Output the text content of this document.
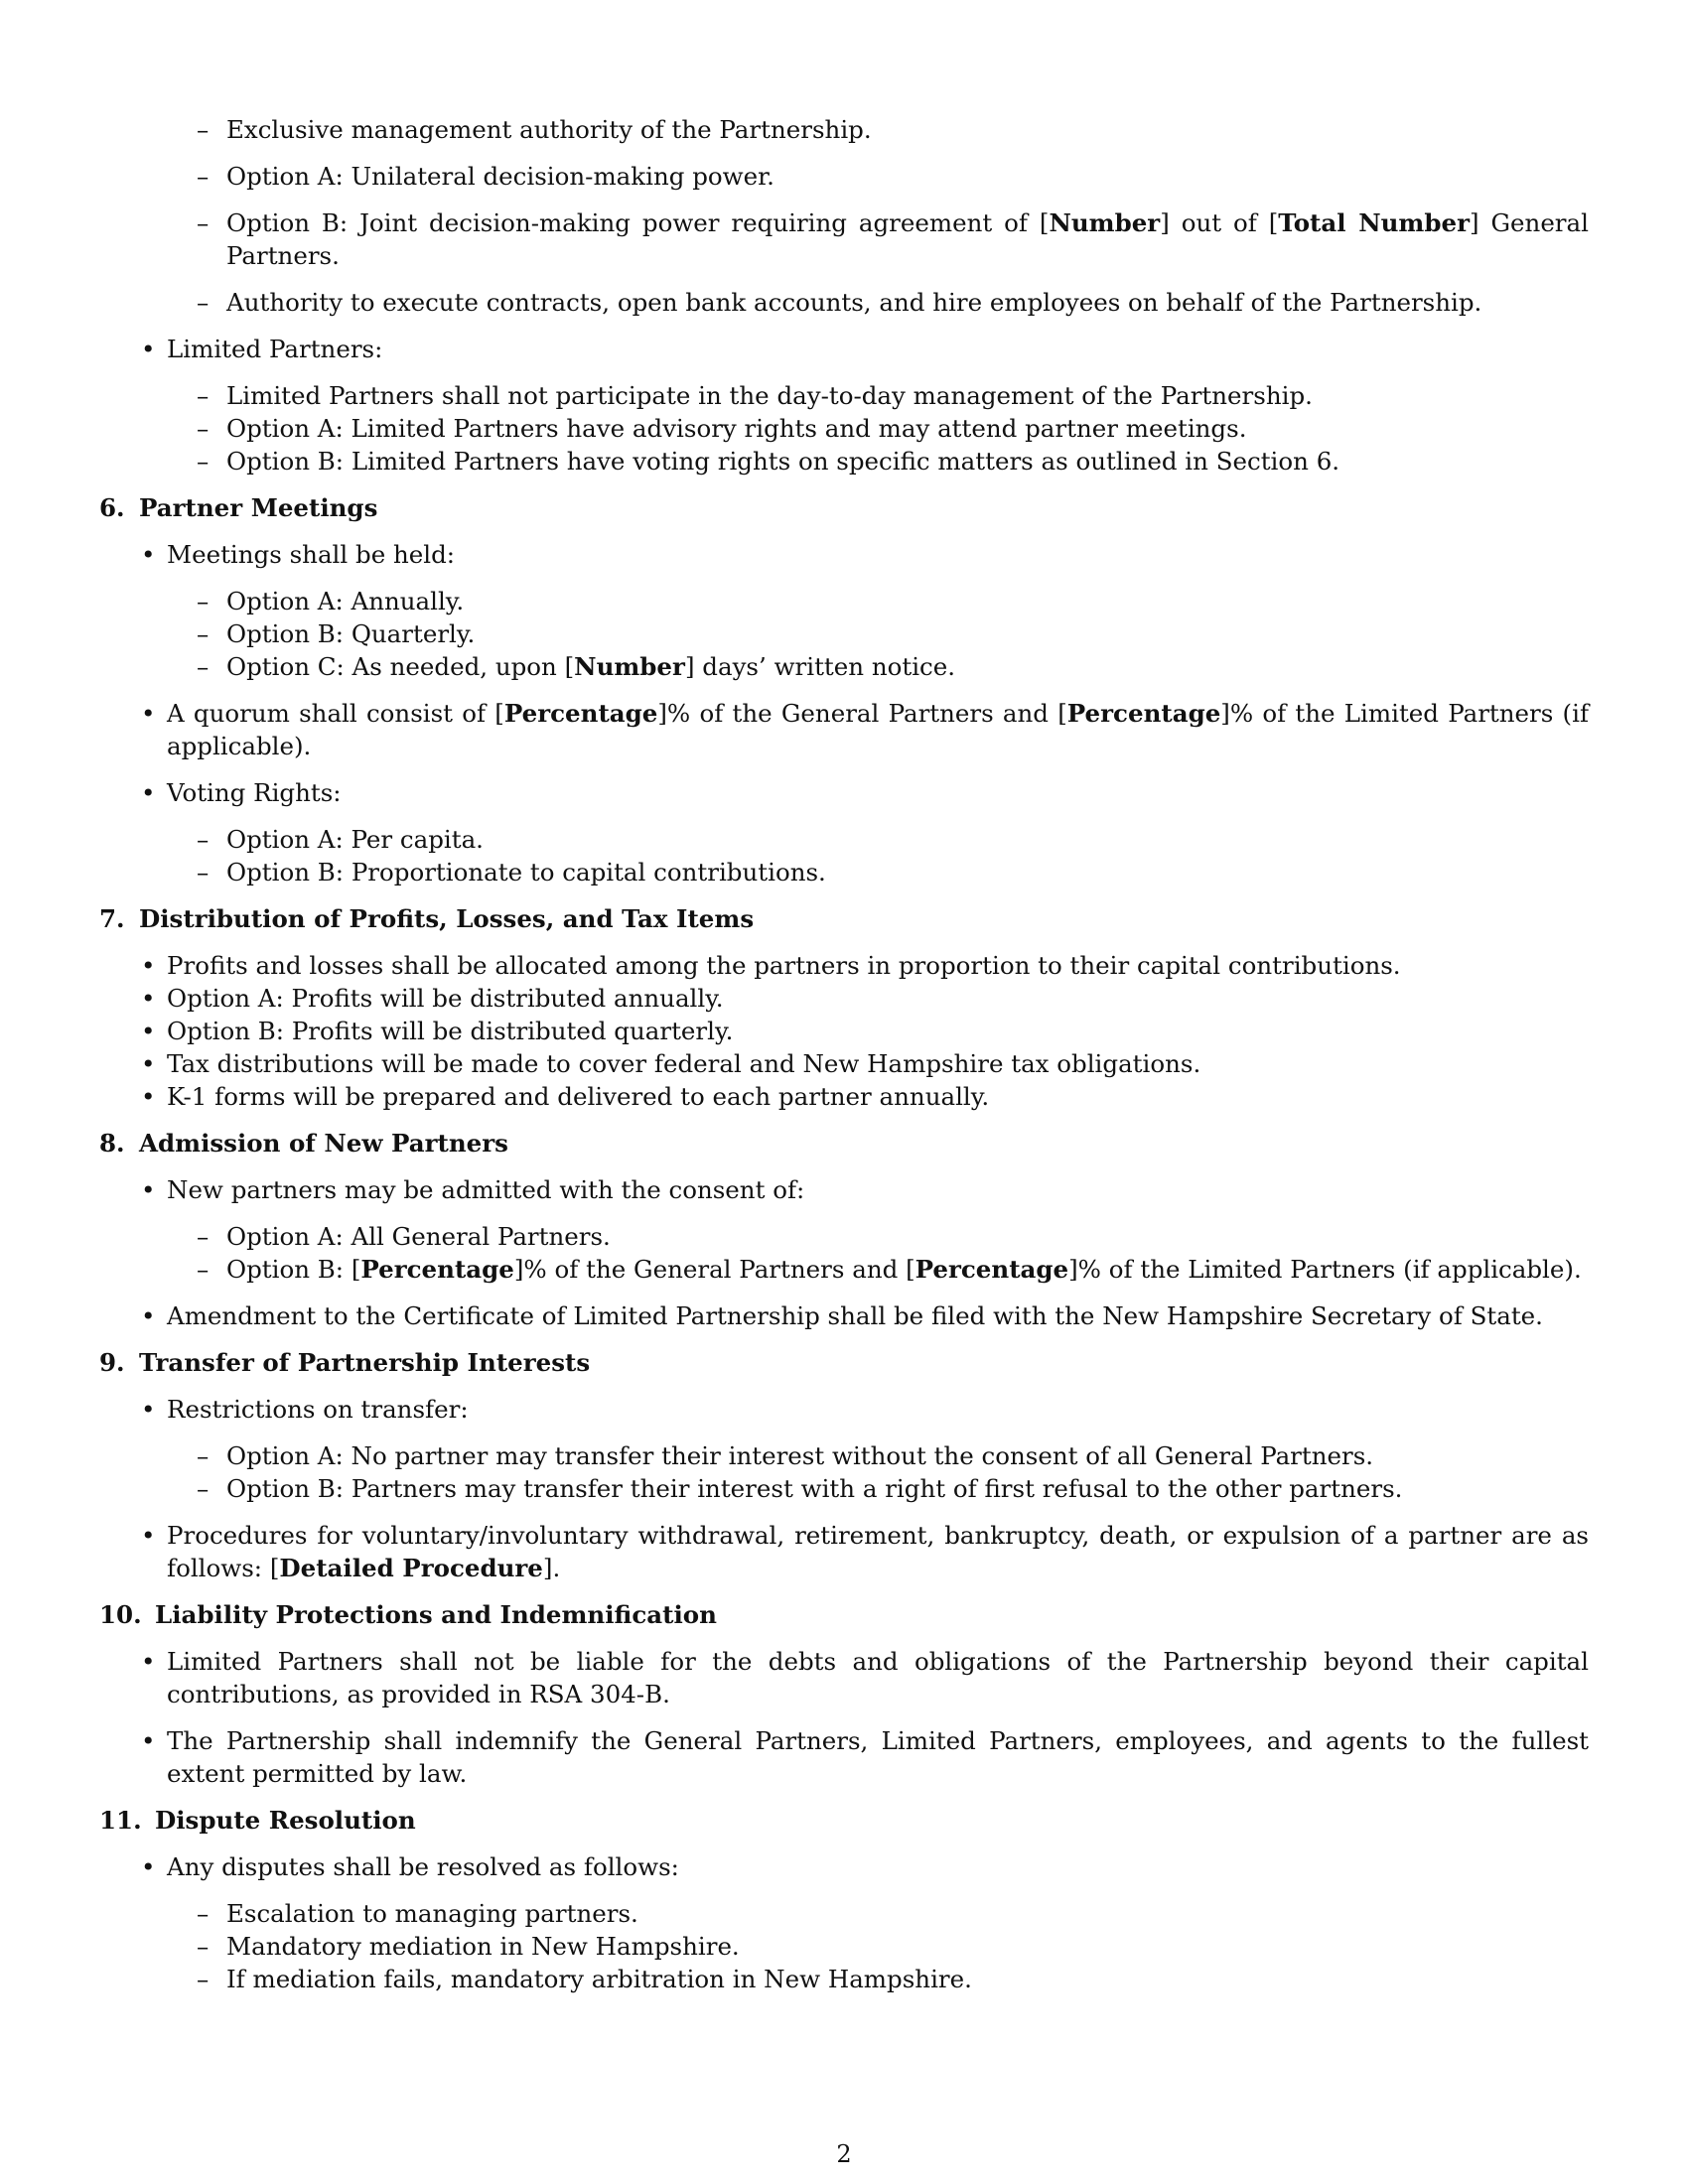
– Exclusive management authority of the Partnership.
– Option A: Unilateral decision-making power.
– Option B: Joint decision-making power requiring agreement of [Number] out of [Total Number] General Partners.
– Authority to execute contracts, open bank accounts, and hire employees on behalf of the Partnership.
• Limited Partners:
– Limited Partners shall not participate in the day-to-day management of the Partnership.
– Option A: Limited Partners have advisory rights and may attend partner meetings.
– Option B: Limited Partners have voting rights on specific matters as outlined in Section 6.
6. Partner Meetings
• Meetings shall be held:
– Option A: Annually.
– Option B: Quarterly.
– Option C: As needed, upon [Number] days’ written notice.
• A quorum shall consist of [Percentage]% of the General Partners and [Percentage]% of the Limited Partners (if applicable).
• Voting Rights:
– Option A: Per capita.
– Option B: Proportionate to capital contributions.
7. Distribution of Profits, Losses, and Tax Items
• Profits and losses shall be allocated among the partners in proportion to their capital contributions.
• Option A: Profits will be distributed annually.
• Option B: Profits will be distributed quarterly.
• Tax distributions will be made to cover federal and New Hampshire tax obligations.
• K-1 forms will be prepared and delivered to each partner annually.
8. Admission of New Partners
• New partners may be admitted with the consent of:
– Option A: All General Partners.
– Option B: [Percentage]% of the General Partners and [Percentage]% of the Limited Partners (if applicable).
• Amendment to the Certificate of Limited Partnership shall be filed with the New Hampshire Secretary of State.
9. Transfer of Partnership Interests
• Restrictions on transfer:
– Option A: No partner may transfer their interest without the consent of all General Partners.
– Option B: Partners may transfer their interest with a right of first refusal to the other partners.
• Procedures for voluntary/involuntary withdrawal, retirement, bankruptcy, death, or expulsion of a partner are as follows: [Detailed Procedure].
10. Liability Protections and Indemnification
• Limited Partners shall not be liable for the debts and obligations of the Partnership beyond their capital contributions, as provided in RSA 304-B.
• The Partnership shall indemnify the General Partners, Limited Partners, employees, and agents to the fullest extent permitted by law.
11. Dispute Resolution
• Any disputes shall be resolved as follows:
– Escalation to managing partners.
– Mandatory mediation in New Hampshire.
– If mediation fails, mandatory arbitration in New Hampshire.
2
